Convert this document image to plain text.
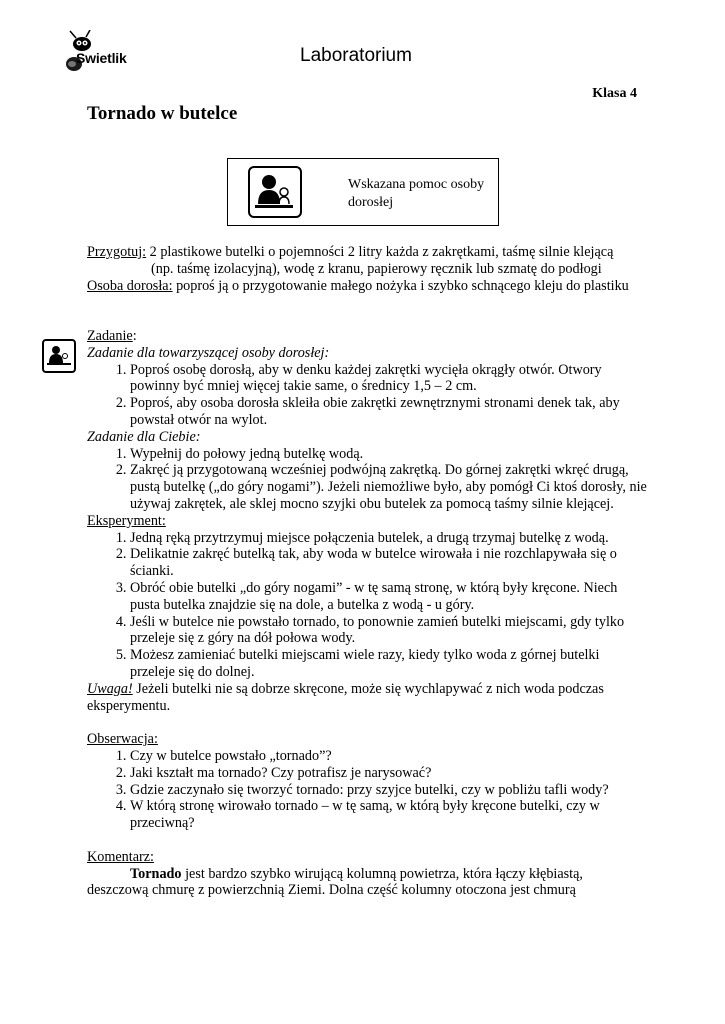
Swietlik	Laboratorium
Klasa 4
Tornado w butelce
Wskazana pomoc osoby dorosłej

Przygotuj: 2 plastikowe butelki o pojemności 2 litry każda z zakrętkami, taśmę silnie klejącą

(np. taśmę izolacyjną), wodę z kranu, papierowy ręcznik lub szmatę do podłogi

Osoba dorosła: poproś ją o przygotowanie małego nożyka i szybko schnącego kleju do plastiku

Zadanie:

Zadanie dla towarzyszącej osoby dorosłej:

1. Poproś osobę dorosłą, aby w denku każdej zakrętki wycięła okrągły otwór. Otwory powinny być mniej więcej takie same, o średnicy 1,5 – 2 cm.
2. Poproś, aby osoba dorosła skleiła obie zakrętki zewnętrznymi stronami denek tak, aby powstał otwór na wylot.

Zadanie dla Ciebie:

1. Wypełnij do połowy jedną butelkę wodą.
2. Zakręć ją przygotowaną wcześniej podwójną zakrętką. Do górnej zakrętki wkręć drugą, pustą butelkę („do góry nogami”). Jeżeli niemożliwe było, aby pomógł Ci ktoś dorosły, nie używaj zakrętek, ale sklej mocno szyjki obu butelek za pomocą taśmy silnie klejącej.

Eksperyment:

1. Jedną ręką przytrzymuj miejsce połączenia butelek, a drugą trzymaj butelkę z wodą.
2. Delikatnie zakręć butelką tak, aby woda w butelce wirowała i nie rozchlapywała się o ścianki.
3. Obróć obie butelki „do góry nogami” - w tę samą stronę, w którą były kręcone. Niech pusta butelka znajdzie się na dole, a butelka z wodą - u góry.
4. Jeśli w butelce nie powstało tornado, to ponownie zamień butelki miejscami, gdy tylko przeleje się z góry na dół połowa wody.
5. Możesz zamieniać butelki miejscami wiele razy, kiedy tylko woda z górnej butelki przeleje się do dolnej.

Uwaga! Jeżeli butelki nie są dobrze skręcone, może się wychlapywać z nich woda podczas eksperymentu.

Obserwacja:

1. Czy w butelce powstało „tornado”?
2. Jaki kształt ma tornado? Czy potrafisz je narysować?
3. Gdzie zaczynało się tworzyć tornado: przy szyjce butelki, czy w pobliżu tafli wody?
4. W którą stronę wirowało tornado – w tę samą, w którą były kręcone butelki, czy w przeciwną?

Komentarz:

Tornado jest bardzo szybko wirującą kolumną powietrza, która łączy kłębiastą, deszczową chmurę z powierzchnią Ziemi. Dolna część kolumny otoczona jest chmurą
